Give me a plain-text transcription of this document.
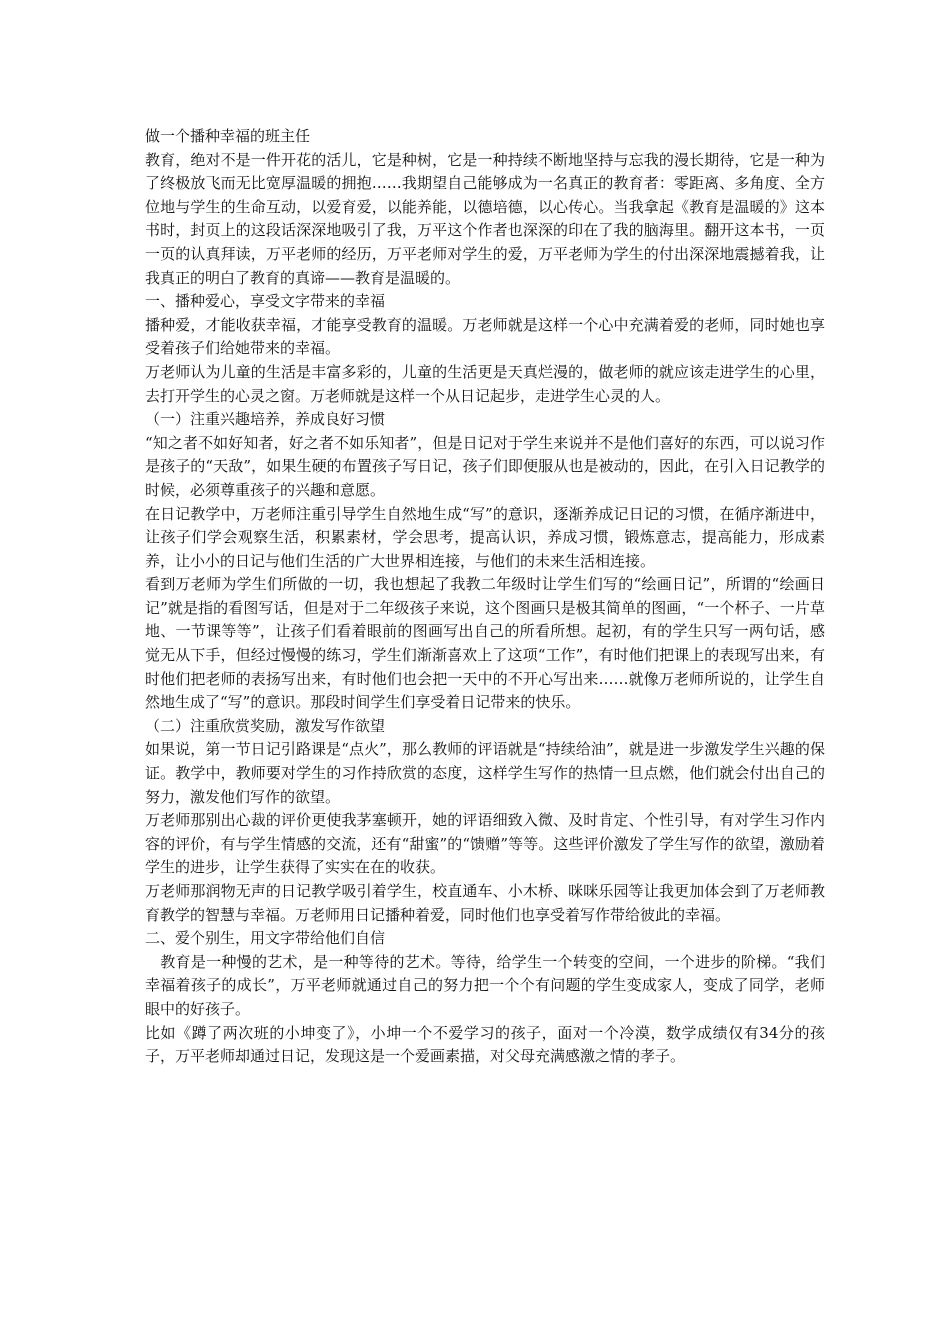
做一个播种幸福的班主任

教育，绝对不是一件开花的活儿，它是种树，它是一种持续不断地坚持与忘我的漫长期待，它是一种为了终极放飞而无比宽厚温暖的拥抱……我期望自己能够成为一名真正的教育者：零距离、多角度、全方位地与学生的生命互动，以爱育爱，以能养能，以德培德，以心传心。当我拿起《教育是温暖的》这本书时，封页上的这段话深深地吸引了我，万平这个作者也深深的印在了我的脑海里。翻开这本书，一页一页的认真拜读，万平老师的经历，万平老师对学生的爱，万平老师为学生的付出深深地震撼着我，让我真正的明白了教育的真谛——教育是温暖的。

一、播种爱心，享受文字带来的幸福

播种爱，才能收获幸福，才能享受教育的温暖。万老师就是这样一个心中充满着爱的老师，同时她也享受着孩子们给她带来的幸福。

万老师认为儿童的生活是丰富多彩的，儿童的生活更是天真烂漫的，做老师的就应该走进学生的心里，去打开学生的心灵之窗。万老师就是这样一个从日记起步，走进学生心灵的人。

（一）注重兴趣培养，养成良好习惯

“知之者不如好知者，好之者不如乐知者”，但是日记对于学生来说并不是他们喜好的东西，可以说习作是孩子的“天敌”，如果生硬的布置孩子写日记，孩子们即便服从也是被动的，因此，在引入日记教学的时候，必须尊重孩子的兴趣和意愿。

在日记教学中，万老师注重引导学生自然地生成“写”的意识，逐渐养成记日记的习惯，在循序渐进中，让孩子们学会观察生活，积累素材，学会思考，提高认识，养成习惯，锻炼意志，提高能力，形成素养，让小小的日记与他们生活的广大世界相连接，与他们的未来生活相连接。

看到万老师为学生们所做的一切，我也想起了我教二年级时让学生们写的“绘画日记”，所谓的“绘画日记”就是指的看图写话，但是对于二年级孩子来说，这个图画只是极其简单的图画，“一个杯子、一片草地、一节课等等”，让孩子们看着眼前的图画写出自己的所看所想。起初，有的学生只写一两句话，感觉无从下手，但经过慢慢的练习，学生们渐渐喜欢上了这项“工作”，有时他们把课上的表现写出来，有时他们把老师的表扬写出来，有时他们也会把一天中的不开心写出来……就像万老师所说的，让学生自然地生成了“写”的意识。那段时间学生们享受着日记带来的快乐。

（二）注重欣赏奖励，激发写作欲望

如果说，第一节日记引路课是“点火”，那么教师的评语就是“持续给油”，就是进一步激发学生兴趣的保证。教学中，教师要对学生的习作持欣赏的态度，这样学生写作的热情一旦点燃，他们就会付出自己的努力，激发他们写作的欲望。

万老师那别出心裁的评价更使我茅塞顿开，她的评语细致入微、及时肯定、个性引导，有对学生习作内容的评价，有与学生情感的交流，还有“甜蜜”的“馈赠”等等。这些评价激发了学生写作的欲望，激励着学生的进步，让学生获得了实实在在的收获。

万老师那润物无声的日记教学吸引着学生，校直通车、小木桥、咪咪乐园等让我更加体会到了万老师教育教学的智慧与幸福。万老师用日记播种着爱，同时他们也享受着写作带给彼此的幸福。

二、爱个别生，用文字带给他们自信

　教育是一种慢的艺术，是一种等待的艺术。等待，给学生一个转变的空间，一个进步的阶梯。“我们幸福着孩子的成长”，万平老师就通过自己的努力把一个个有问题的学生变成家人，变成了同学，老师眼中的好孩子。

比如《蹲了两次班的小坤变了》，小坤一个不爱学习的孩子，面对一个冷漠，数学成绩仅有34分的孩子，万平老师却通过日记，发现这是一个爱画素描，对父母充满感激之情的孝子。
